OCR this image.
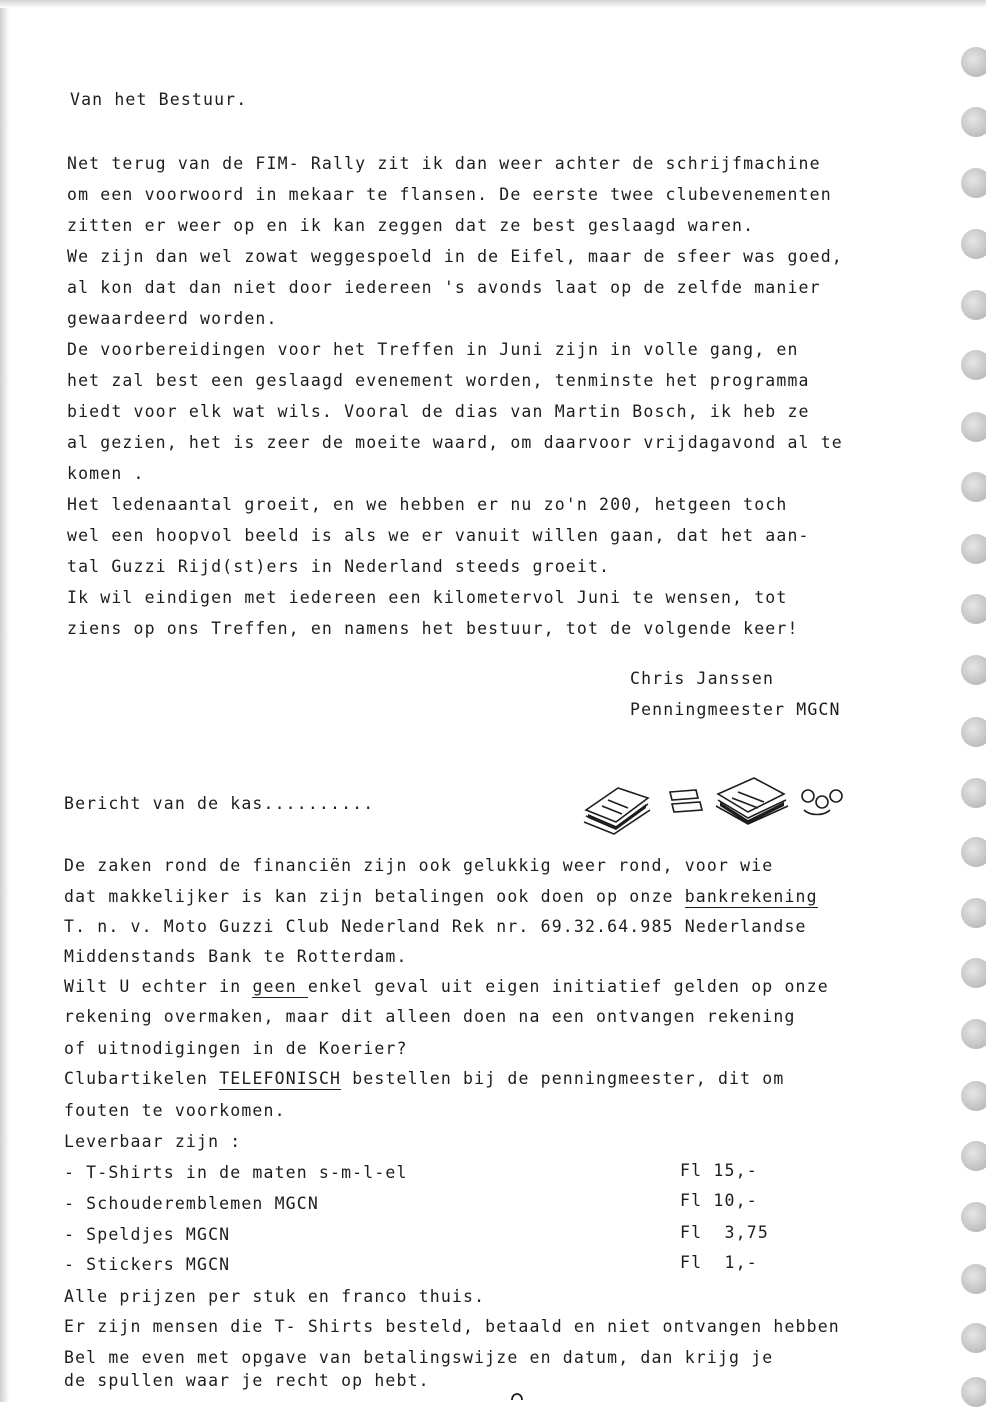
Van het Bestuur.
Net terug van de FIM- Rally zit ik dan weer achter de schrijfmachine
om een voorwoord in mekaar te flansen. De eerste twee clubevenementen
zitten er weer op en ik kan zeggen dat ze best geslaagd waren.
We zijn dan wel zowat weggespoeld in de Eifel, maar de sfeer was goed,
al kon dat dan niet door iedereen 's avonds laat op de zelfde manier
gewaardeerd worden.
De voorbereidingen voor het Treffen in Juni zijn in volle gang, en
het zal best een geslaagd evenement worden, tenminste het programma
biedt voor elk wat wils. Vooral de dias van Martin Bosch, ik heb ze
al gezien, het is zeer de moeite waard, om daarvoor vrijdagavond al te
komen .
Het ledenaantal groeit, en we hebben er nu zo'n 200, hetgeen toch
wel een hoopvol beeld is als we er vanuit willen gaan, dat het aan-
tal Guzzi Rijd(st)ers in Nederland steeds groeit.
Ik wil eindigen met iedereen een kilometervol Juni te wensen, tot
ziens op ons Treffen, en namens het bestuur, tot de volgende keer!
Chris Janssen
Penningmeester MGCN
Bericht van de kas..........
De zaken rond de financiën zijn ook gelukkig weer rond, voor wie
dat makkelijker is kan zijn betalingen ook doen op onze bankrekening
T. n. v. Moto Guzzi Club Nederland Rek nr. 69.32.64.985 Nederlandse
Middenstands Bank te Rotterdam.
Wilt U echter in geen enkel geval uit eigen initiatief gelden op onze
rekening overmaken, maar dit alleen doen na een ontvangen rekening
of uitnodigingen in de Koerier?
Clubartikelen TELEFONISCH bestellen bij de penningmeester, dit om
fouten te voorkomen.
Leverbaar zijn :
- T-Shirts in de maten s-m-l-el	Fl 15,-
- Schouderemblemen MGCN	Fl 10,-
- Speldjes MGCN	Fl  3,75
- Stickers MGCN	Fl  1,-
Alle prijzen per stuk en franco thuis.
Er zijn mensen die T- Shirts besteld, betaald en niet ontvangen hebben
Bel me even met opgave van betalingswijze en datum, dan krijg je
de spullen waar je recht op hebt.
